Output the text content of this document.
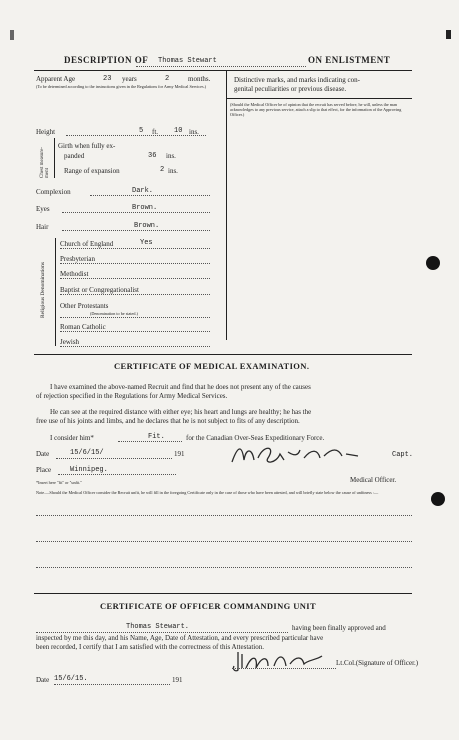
DESCRIPTION OF Thomas Stewart	ON ENLISTMENT
Apparent Age	23 years	2	months.
(To be determined according to the instructions given in the Regulations for Army Medical Services.)
Height	5 ft. 10 ins.
Chest measure-ment
Girth when fully ex-
panded	36 ins.
Range of expansion	2 ins.
Complexion	Dark.
Eyes	Brown.
Hair	Brown.
Religious Denominations
Church of England	Yes
Presbyterian
Methodist
Baptist or Congregationalist
Other Protestants
(Denomination to be stated.)
Roman Catholic
Jewish
Distinctive marks, and marks indicating con-
genital peculiarities or previous disease.
(Should the Medical Officer be of opinion that the recruit has served before, he will, unless the man acknowledges to any previous service, attach a slip to that effect, for the information of the Approving Officer.)
CERTIFICATE OF MEDICAL EXAMINATION.
I have examined the above-named Recruit and find that he does not present any of the causes
of rejection specified in the Regulations for Army Medical Services.
He can see at the required distance with either eye; his heart and lungs are healthy; he has the
free use of his joints and limbs, and he declares that he is not subject to fits of any description.
I consider him*	Fit.	for the Canadian Over-Seas Expeditionary Force.
Date	15/6/15/	191	Capt.
Place	Winnipeg.
Medical Officer.
*Insert here "fit" or "unfit."
Note.—Should the Medical Officer consider the Recruit unfit, he will fill in the foregoing Certificate only in the case of those who have been attested, and will briefly state below the cause of unfitness :—
CERTIFICATE OF OFFICER COMMANDING UNIT
Thomas Stewart.	having been finally approved and
inspected by me this day, and his Name, Age, Date of Attestation, and every prescribed particular have
been recorded, I certify that I am satisfied with the correctness of this Attestation.
Lt.Col.(Signature of Officer.)
Date 15/6/15.	191
